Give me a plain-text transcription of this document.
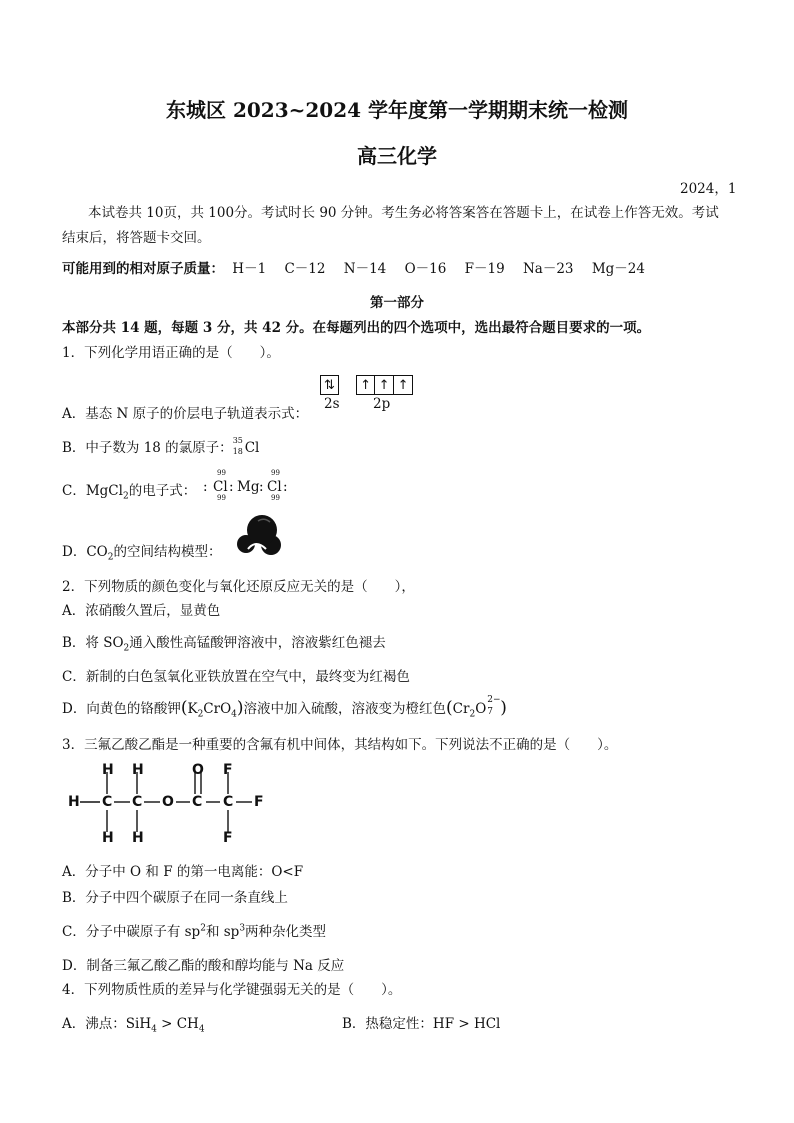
东城区 2023~2024 学年度第一学期期末统一检测
高三化学
2024，1
本试卷共 10页，共 100分。考试时长 90 分钟。考生务必将答案答在答题卡上，在试卷上作答无效。考试
结束后，将答题卡交回。
可能用到的相对原子质量： H－1 C－12 N－14 O－16 F－19 Na－23 Mg－24
第一部分
本部分共 14 题，每题 3 分，共 42 分。在每题列出的四个选项中，选出最符合题目要求的一项。
1．下列化学用语正确的是（　　）。
⇅	↑ ↑ ↑
2s 2p
A．基态 N 原子的价层电子轨道表示式：
B．中子数为 18 的氯原子： 35
18 Cl
C．MgCl$_2$的电子式：
99
: Cl
99
: Mg :
99
Cl
99
:
D．$CO_2$的空间结构模型：
2．下列物质的颜色变化与氧化还原反应无关的是（　　），
A．浓硝酸久置后，显黄色
B．将 $SO_2$通入酸性高锰酸钾溶液中，溶液紫红色褪去
C．新制的白色氢氧化亚铁放置在空气中，最终变为红褐色
D．向黄色的铬酸钾$(K_2CrO_4)$溶液中加入硫酸，溶液变为橙红色($Cr_2O$
2−
7 )
3．三氟乙酸乙酯是一种重要的含氟有机中间体，其结构如下。下列说法不正确的是（　　）。
H H	O F
H C C O C C F
H H	F
A．分子中 O 和 F 的第一电离能：O<F
B．分子中四个碳原子在同一条直线上
C．分子中碳原子有 $sp^2$和 $sp^3$两种杂化类型
D．制备三氟乙酸乙酯的酸和醇均能与 Na 反应
4．下列物质性质的差异与化学键强弱无关的是（　　）。
A．沸点：$SiH_4 > CH_4$	B．热稳定性：HF > HCl
